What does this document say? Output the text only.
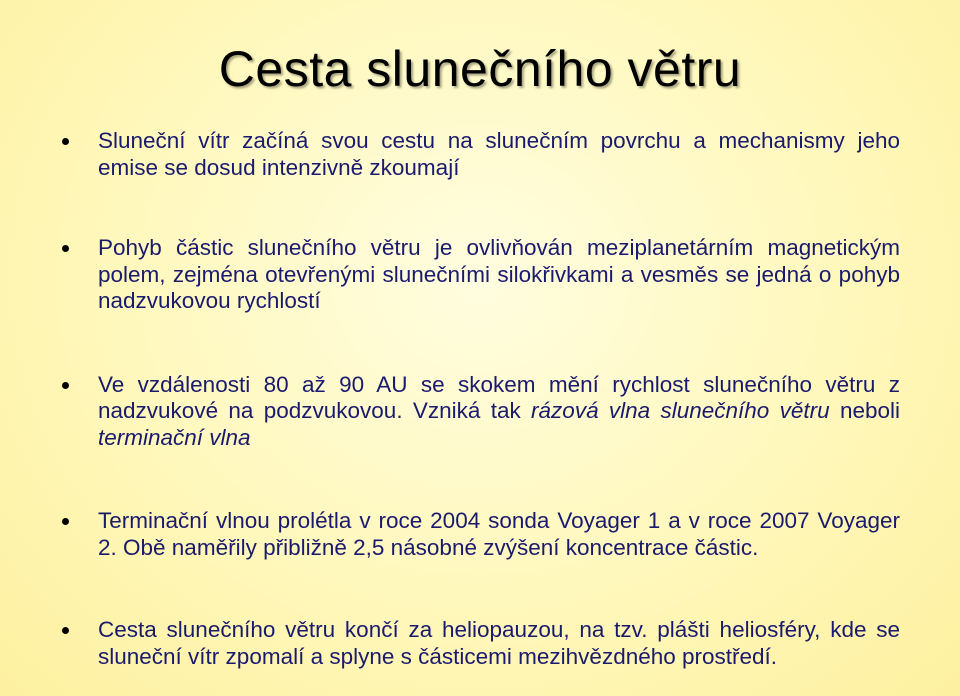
Cesta slunečního větru
Sluneční vítr začíná svou cestu na slunečním povrchu a mechanismy jeho emise se dosud intenzivně zkoumají
Pohyb částic slunečního větru je ovlivňován meziplanetárním magnetickým polem, zejména otevřenými slunečními silokřivkami a vesměs se jedná o pohyb nadzvukovou rychlostí
Ve vzdálenosti 80 až 90 AU se skokem mění rychlost slunečního větru z nadzvukové na podzvukovou. Vzniká tak rázová vlna slunečního větru neboli terminační vlna
Terminační vlnou prolétla v roce 2004 sonda Voyager 1 a v roce 2007 Voyager 2. Obě naměřily přibližně 2,5 násobné zvýšení koncentrace částic.
Cesta slunečního větru končí za heliopauzou, na tzv. plášti heliosféry, kde se sluneční vítr zpomalí a splyne s částicemi mezihvězdného prostředí.
